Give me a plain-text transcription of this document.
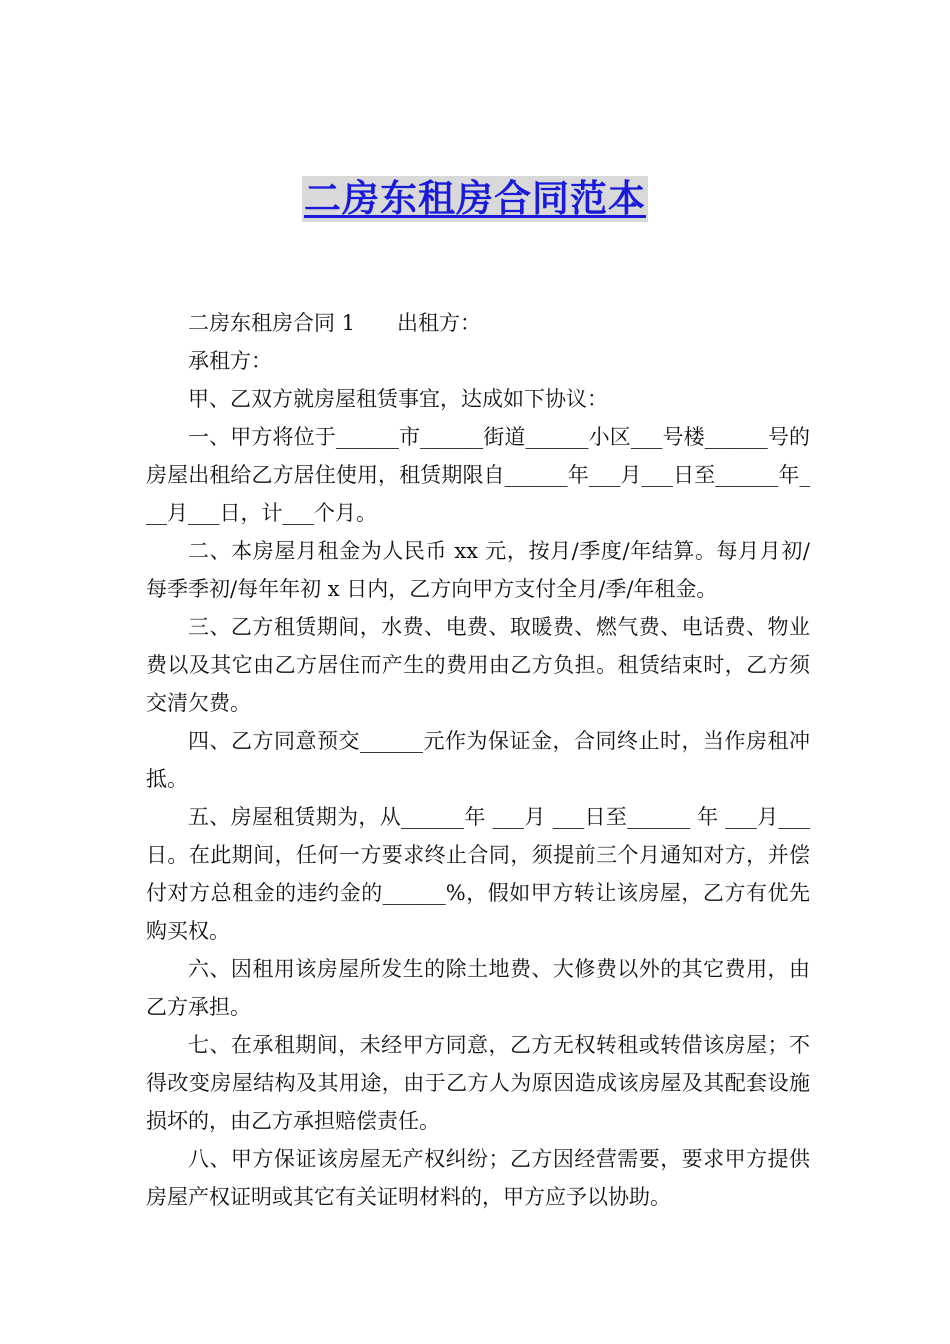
二房东租房合同范本

二房东租房合同 1 出租方：

承租方：

甲、乙双方就房屋租赁事宜，达成如下协议：

一、甲方将位于______市______街道______小区___号楼______号的房屋出租给乙方居住使用，租赁期限自______年___月___日至______年___月___日，计___个月。

二、本房屋月租金为人民币 xx 元，按月/季度/年结算。每月月初/每季季初/每年年初 x 日内，乙方向甲方支付全月/季/年租金。

三、乙方租赁期间，水费、电费、取暖费、燃气费、电话费、物业费以及其它由乙方居住而产生的费用由乙方负担。租赁结束时，乙方须交清欠费。

四、乙方同意预交______元作为保证金，合同终止时，当作房租冲抵。

五、房屋租赁期为，从______年 ___月 ___日至______ 年 ___月___日。在此期间，任何一方要求终止合同，须提前三个月通知对方，并偿付对方总租金的违约金的______%，假如甲方转让该房屋，乙方有优先购买权。

六、因租用该房屋所发生的除土地费、大修费以外的其它费用，由乙方承担。

七、在承租期间，未经甲方同意，乙方无权转租或转借该房屋；不得改变房屋结构及其用途，由于乙方人为原因造成该房屋及其配套设施损坏的，由乙方承担赔偿责任。

八、甲方保证该房屋无产权纠纷；乙方因经营需要，要求甲方提供房屋产权证明或其它有关证明材料的，甲方应予以协助。
